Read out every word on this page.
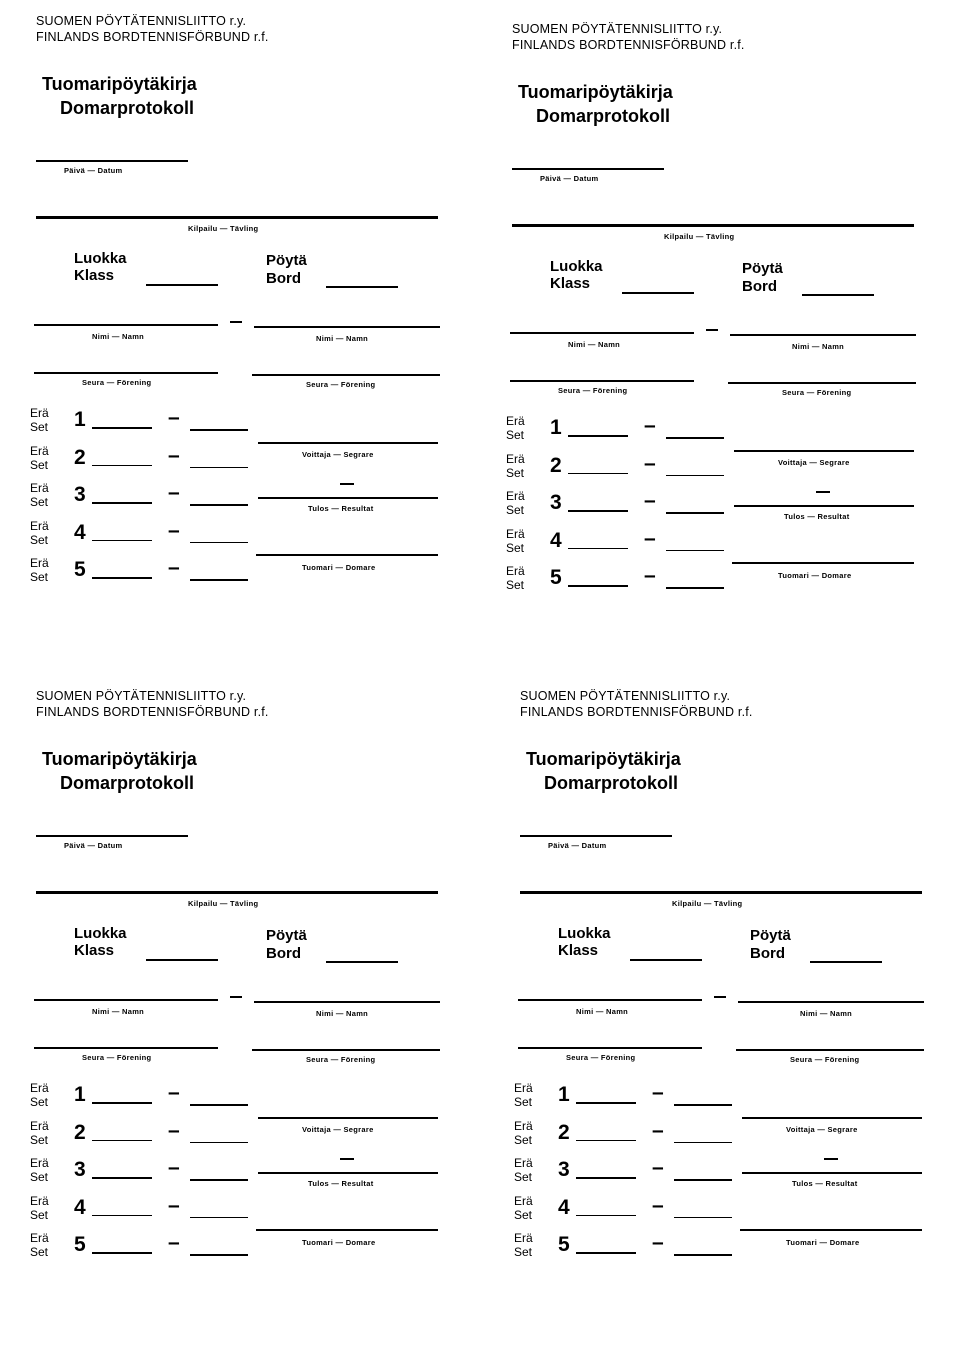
SUOMEN PÖYTÄTENNISLIITTO r.y.
FINLANDS BORDTENNISFÖRBUND r.f.
Tuomaripöytäkirja
Domarprotokoll
Päivä — Datum
Kilpailu — Tävling
Luokka
Klass
Pöytä
Bord
Nimi — Namn	Nimi — Namn
Seura — Förening	Seura — Förening
Erä
Set 1	–
Erä
Set 2	–
Erä
Set 3	–
Erä
Set 4	–
Erä
Set 5	–
Voittaja — Segrare
Tulos — Resultat
Tuomari — Domare
SUOMEN PÖYTÄTENNISLIITTO r.y.
FINLANDS BORDTENNISFÖRBUND r.f.
Tuomaripöytäkirja
Domarprotokoll
Päivä — Datum
Kilpailu — Tävling
Luokka
Klass
Pöytä
Bord
Nimi — Namn	Nimi — Namn
Seura — Förening	Seura — Förening
Erä
Set 1	–
Erä
Set 2	–
Erä
Set 3	–
Erä
Set 4	–
Erä
Set 5	–
Voittaja — Segrare
Tulos — Resultat
Tuomari — Domare
SUOMEN PÖYTÄTENNISLIITTO r.y.
FINLANDS BORDTENNISFÖRBUND r.f.
Tuomaripöytäkirja
Domarprotokoll
Päivä — Datum
Kilpailu — Tävling
Luokka
Klass
Pöytä
Bord
Nimi — Namn	Nimi — Namn
Seura — Förening	Seura — Förening
Erä
Set 1	–
Erä
Set 2	–
Erä
Set 3	–
Erä
Set 4	–
Erä
Set 5	–
Voittaja — Segrare
Tulos — Resultat
Tuomari — Domare
SUOMEN PÖYTÄTENNISLIITTO r.y.
FINLANDS BORDTENNISFÖRBUND r.f.
Tuomaripöytäkirja
Domarprotokoll
Päivä — Datum
Kilpailu — Tävling
Luokka
Klass
Pöytä
Bord
Nimi — Namn	Nimi — Namn
Seura — Förening	Seura — Förening
Erä
Set 1	–
Erä
Set 2	–
Erä
Set 3	–
Erä
Set 4	–
Erä
Set 5	–
Voittaja — Segrare
Tulos — Resultat
Tuomari — Domare
